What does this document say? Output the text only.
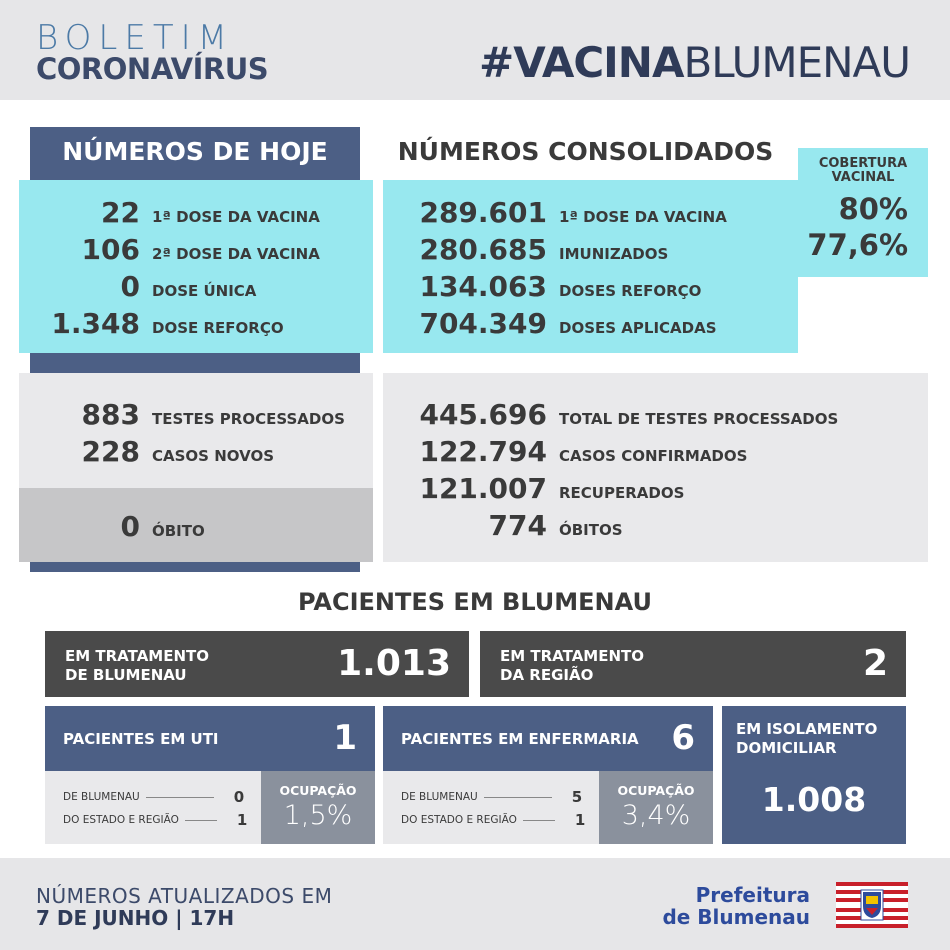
BOLETIM
CORONAVÍRUS	#VACINABLUMENAU
NÚMEROS DE HOJE
22 1ª DOSE DA VACINA
106 2ª DOSE DA VACINA
0 DOSE ÚNICA
1.348 DOSE REFORÇO
883 TESTES PROCESSADOS
228 CASOS NOVOS
0 ÓBITO
NÚMEROS CONSOLIDADOS
289.601 1ª DOSE DA VACINA
280.685 IMUNIZADOS
134.063 DOSES REFORÇO
704.349 DOSES APLICADAS
445.696 TOTAL DE TESTES PROCESSADOS
122.794 CASOS CONFIRMADOS
121.007 RECUPERADOS
774 ÓBITOS
COBERTURA VACINAL
80%
77,6%
PACIENTES EM BLUMENAU
EM TRATAMENTO
DE BLUMENAU	1.013	EM TRATAMENTO
DA REGIÃO	2
PACIENTES EM UTI	1
DE BLUMENAU	0
DO ESTADO E REGIÃO	1
OCUPAÇÃO
1,5%
PACIENTES EM ENFERMARIA 6
DE BLUMENAU	5
DO ESTADO E REGIÃO	1
OCUPAÇÃO
3,4%
EM ISOLAMENTO
DOMICILIAR
1.008
NÚMEROS ATUALIZADOS EM
7 DE JUNHO | 17H
Prefeitura
de Blumenau
